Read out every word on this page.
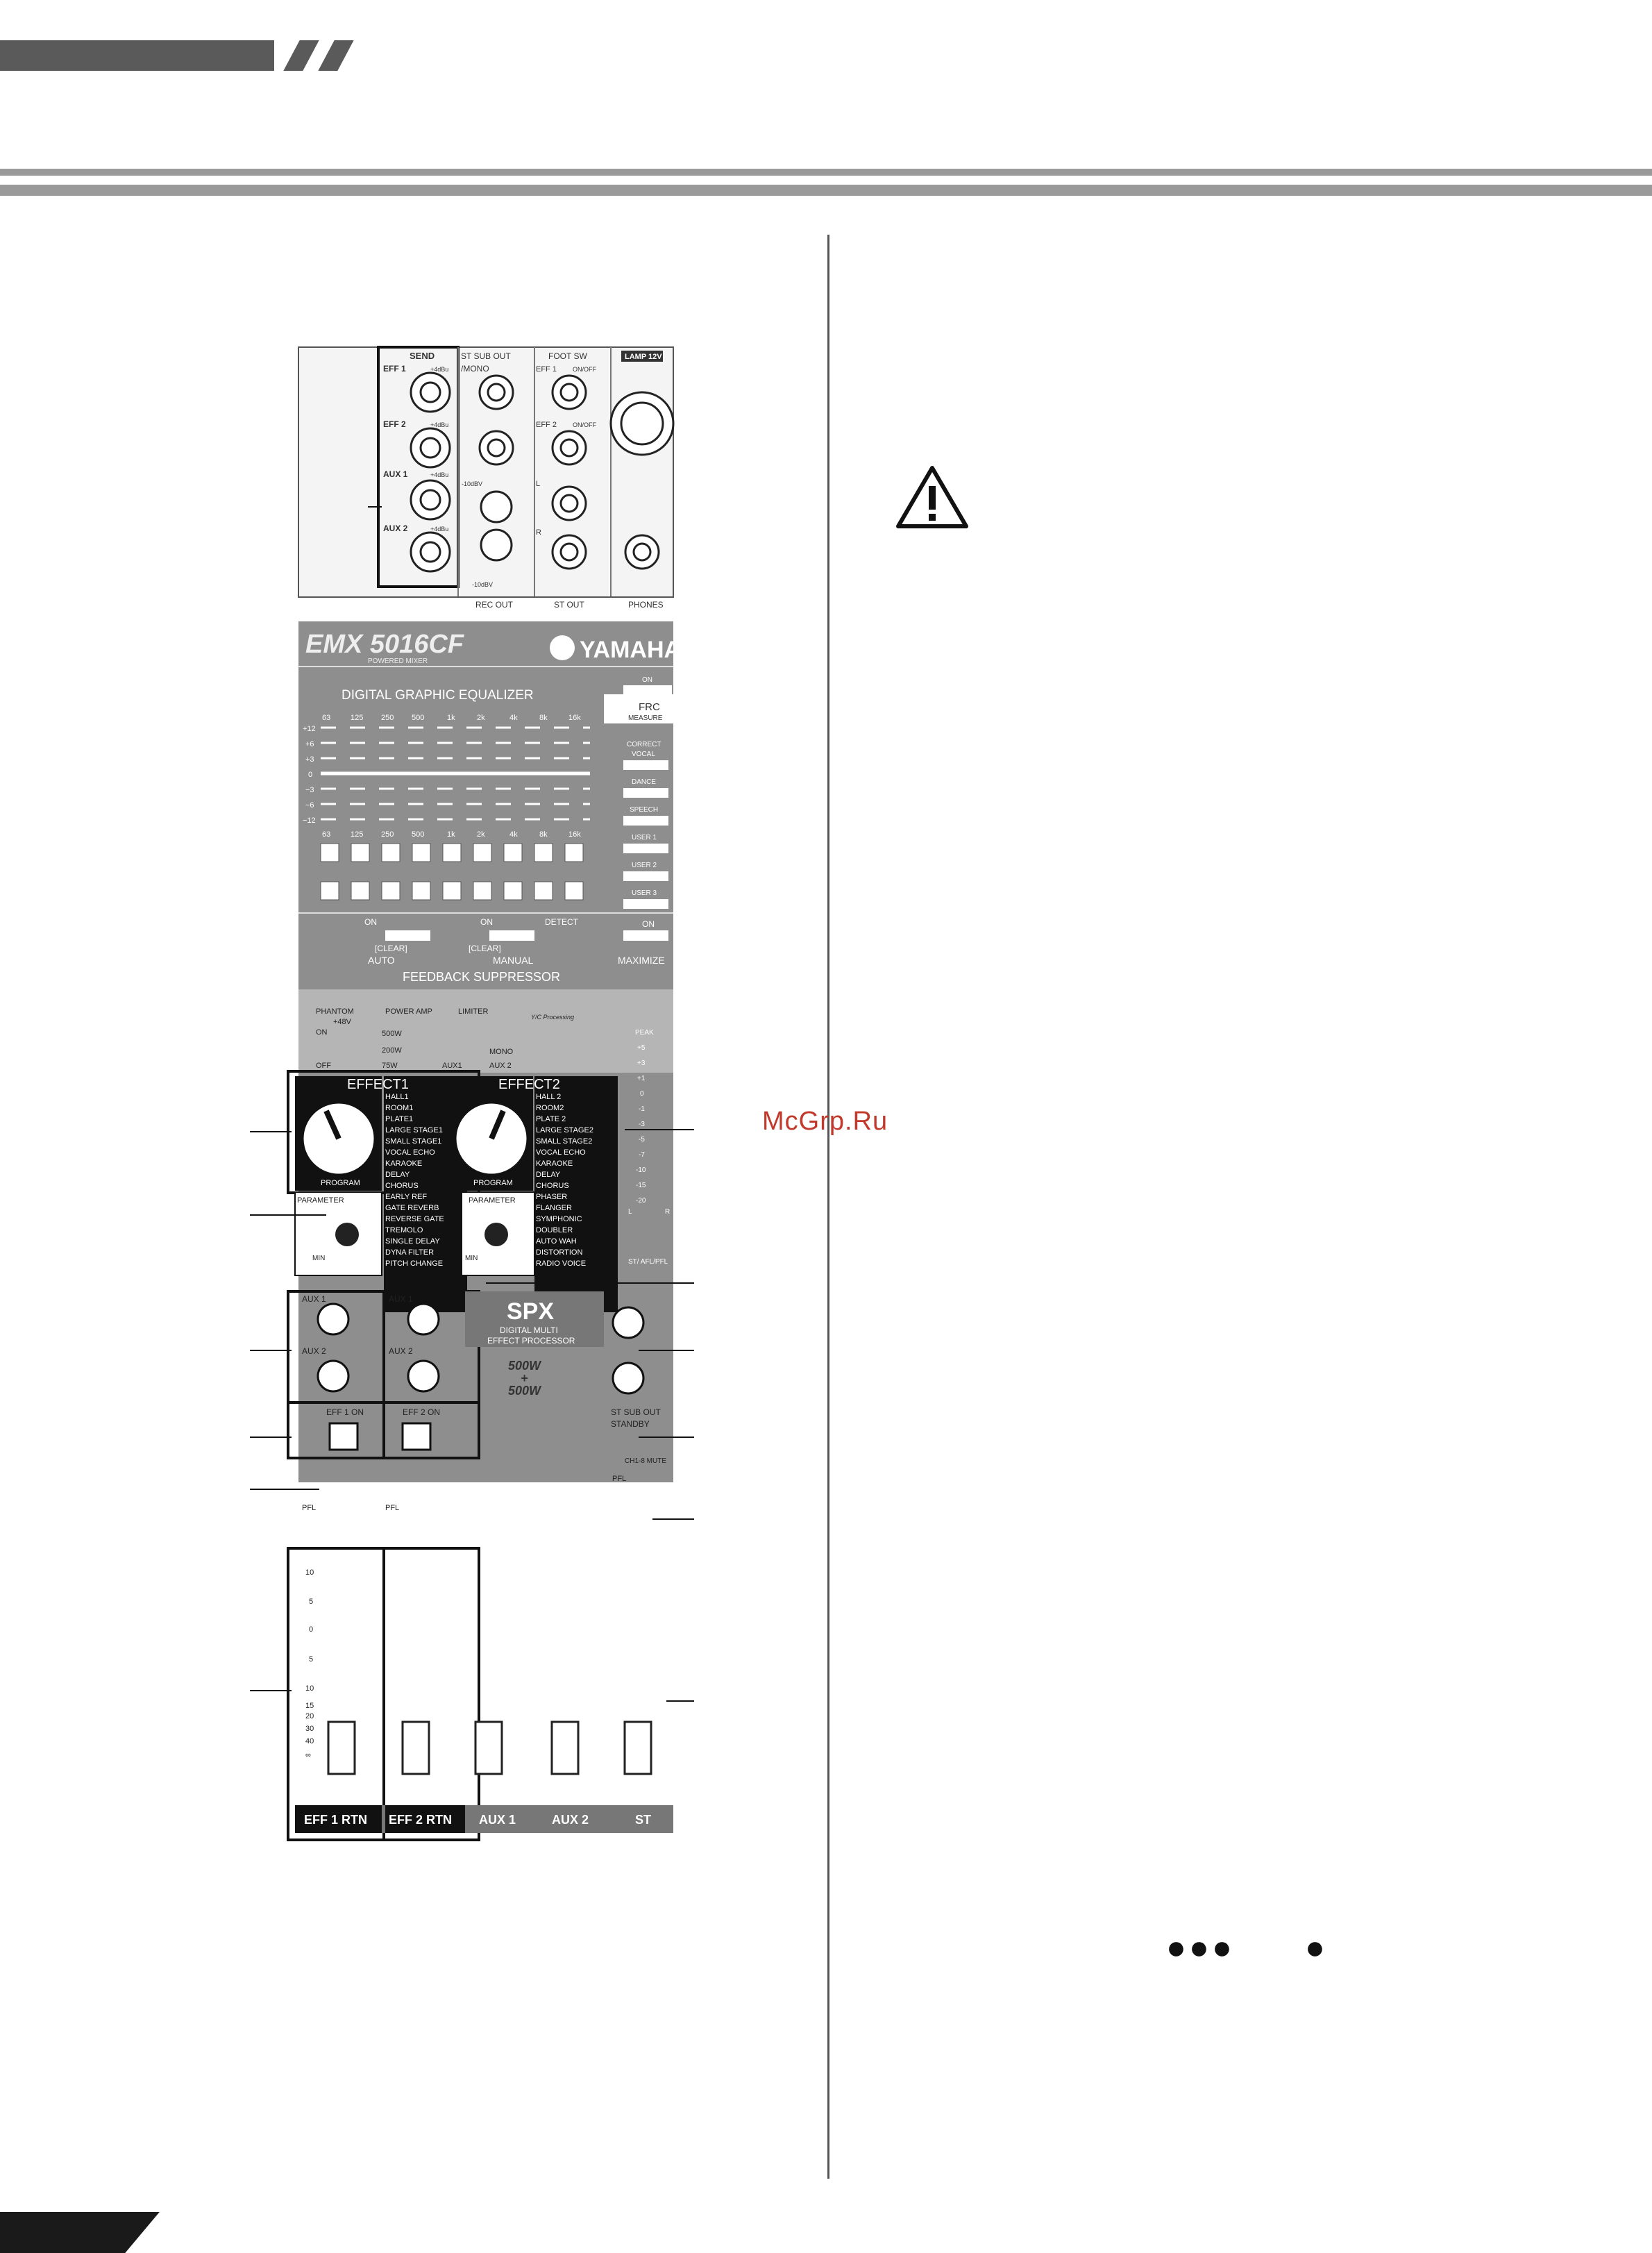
SEND
EFF 1
EFF 2
AUX 1
AUX 2
+4dBu
+4dBu
+4dBu
+4dBu
ST SUB OUT
/MONO
FOOT SW
EFF 1
EFF 2
ON/OFF
ON/OFF
LAMP 12V
-10dBV
-10dBV
L
R
REC OUT	ST OUT	PHONES
EMX 5016CF
POWERED MIXER	YAMAHA
DIGITAL GRAPHIC EQUALIZER
63	125 250 500	1k	2k	4k	8k	16k
+12
+6
+3
0
−3
−6
−12
63	125 250 500	1k	2k	4k	8k	16k
ON
FRC
MEASURE
CORRECT
VOCAL
DANCE
SPEECH
USER 1
USER 2
USER 3
ON	ON	DETECT
[CLEAR]	[CLEAR]
AUTO	MANUAL
FEEDBACK SUPPRESSOR
ON
MAXIMIZE
PHANTOM
+48V
POWER AMP	LIMITER
500W
200W
75W
ON
OFF	AUX1
MONO
AUX 2
Y/C Processing
PEAK
+5
+3
+1
0
-1
-3
-5
-7
-10
-15
-20
L	R
ST/ AFL/PFL
EFFECT1	EFFECT2
PROGRAM	PROGRAM
HALL1
ROOM1
PLATE1
LARGE STAGE1
SMALL STAGE1
VOCAL ECHO
KARAOKE
DELAY
CHORUS
EARLY REF
GATE REVERB
REVERSE GATE
TREMOLO
SINGLE DELAY
DYNA FILTER
PITCH CHANGE
HALL 2
ROOM2
PLATE 2
LARGE STAGE2
SMALL STAGE2
VOCAL ECHO
KARAOKE
DELAY
CHORUS
PHASER
FLANGER
SYMPHONIC
DOUBLER
AUTO WAH
DISTORTION
RADIO VOICE
PARAMETER	PARAMETER
MIN	MIN
AUX 1	AUX 1
AUX 2	AUX 2
SPX
DIGITAL MULTI
EFFECT PROCESSOR
500W
+
500W
ST SUB OUT
STANDBY
CH1-8 MUTE
EFF 1 ON	EFF 2 ON
PFL	PFL
PFL
10
5
0
5
10
15
20
30
40
∞
EFF 1 RTN EFF 2 RTN AUX 1	AUX 2	ST
McGrp.Ru
●●● ●
